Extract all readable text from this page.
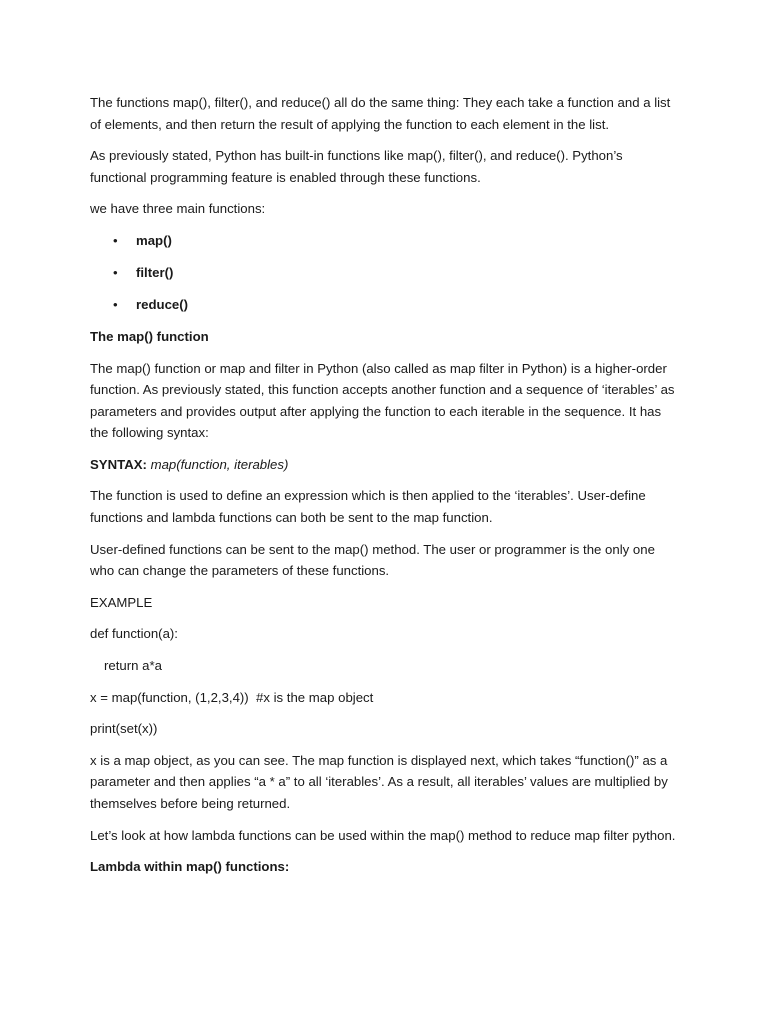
The functions map(), filter(), and reduce() all do the same thing: They each take a function and a list of elements, and then return the result of applying the function to each element in the list.

As previously stated, Python has built-in functions like map(), filter(), and reduce(). Python’s functional programming feature is enabled through these functions.

we have three main functions:

• map()
• filter()
• reduce()

The map() function

The map() function or map and filter in Python (also called as map filter in Python) is a higher-order function. As previously stated, this function accepts another function and a sequence of ‘iterables’ as parameters and provides output after applying the function to each iterable in the sequence. It has the following syntax:

SYNTAX: map(function, iterables)

The function is used to define an expression which is then applied to the ‘iterables’. User-define functions and lambda functions can both be sent to the map function.

User-defined functions can be sent to the map() method. The user or programmer is the only one who can change the parameters of these functions.

EXAMPLE

def function(a):

return a*a

x = map(function, (1,2,3,4))  #x is the map object

print(set(x))

x is a map object, as you can see. The map function is displayed next, which takes “function()” as a parameter and then applies “a * a” to all ‘iterables’. As a result, all iterables’ values are multiplied by themselves before being returned.

Let’s look at how lambda functions can be used within the map() method to reduce map filter python.

Lambda within map() functions:
